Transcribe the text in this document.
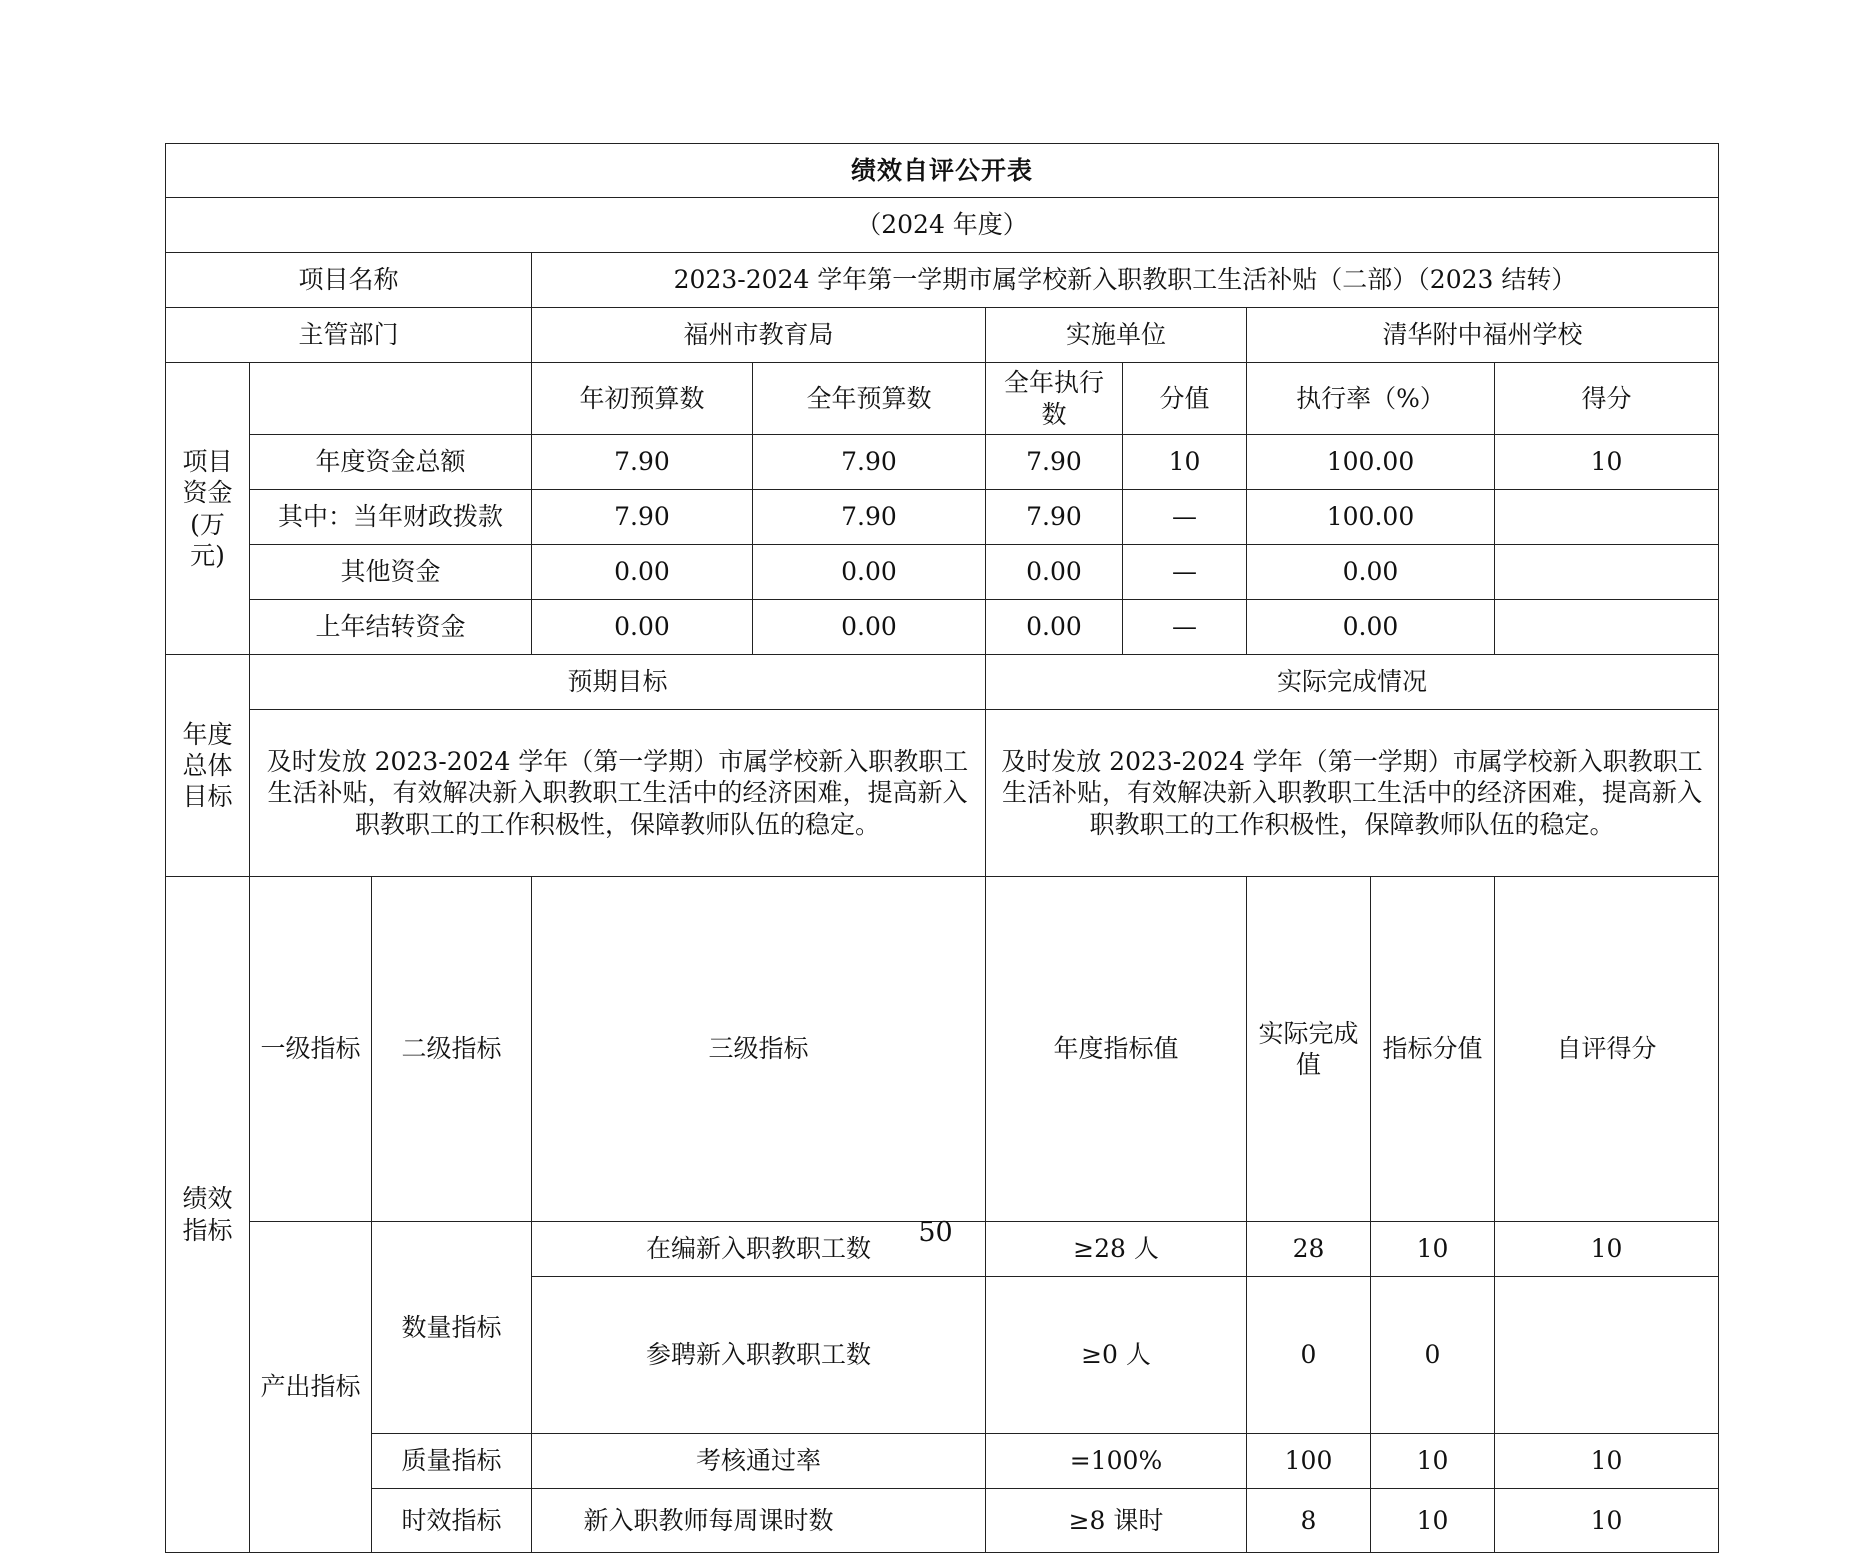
绩效自评公开表										
（2024 年度）										
项目名称			2023-2024 学年第一学期市属学校新入职教职工生活补贴（二部）（2023 结转）							
主管部门			福州市教育局		实施单位		清华附中福州学校			
项目资金(万元)			年初预算数	全年预算数	全年执行数	分值	执行率（%）		得分	
	年度资金总额		7.90	7.90	7.90	10	100.00		10	
	其中：当年财政拨款		7.90	7.90	7.90	—	100.00			
	其他资金		0.00	0.00	0.00	—	0.00			
	上年结转资金		0.00	0.00	0.00	—	0.00			
年度总体目标	预期目标				实际完成情况					
	及时发放 2023-2024 学年（第一学期）市属学校新入职教职工生活补贴，有效解决新入职教职工生活中的经济困难，提高新入职教职工的工作积极性，保障教师队伍的稳定。				及时发放 2023-2024 学年（第一学期）市属学校新入职教职工生活补贴，有效解决新入职教职工生活中的经济困难，提高新入职教职工的工作积极性，保障教师队伍的稳定。					
绩效指标	一级指标	二级指标	三级指标		年度指标值		实际完成值	指标分值	自评得分	
	产出指标	数量指标	在编新入职教职工数		≥28 人		28	10	10	
			参聘新入职教职工数		≥0 人		0	0		
		质量指标	考核通过率		=100%		100	10	10	
		时效指标	新入职教师每周课时数		≥8 课时		8	10	10	
50
